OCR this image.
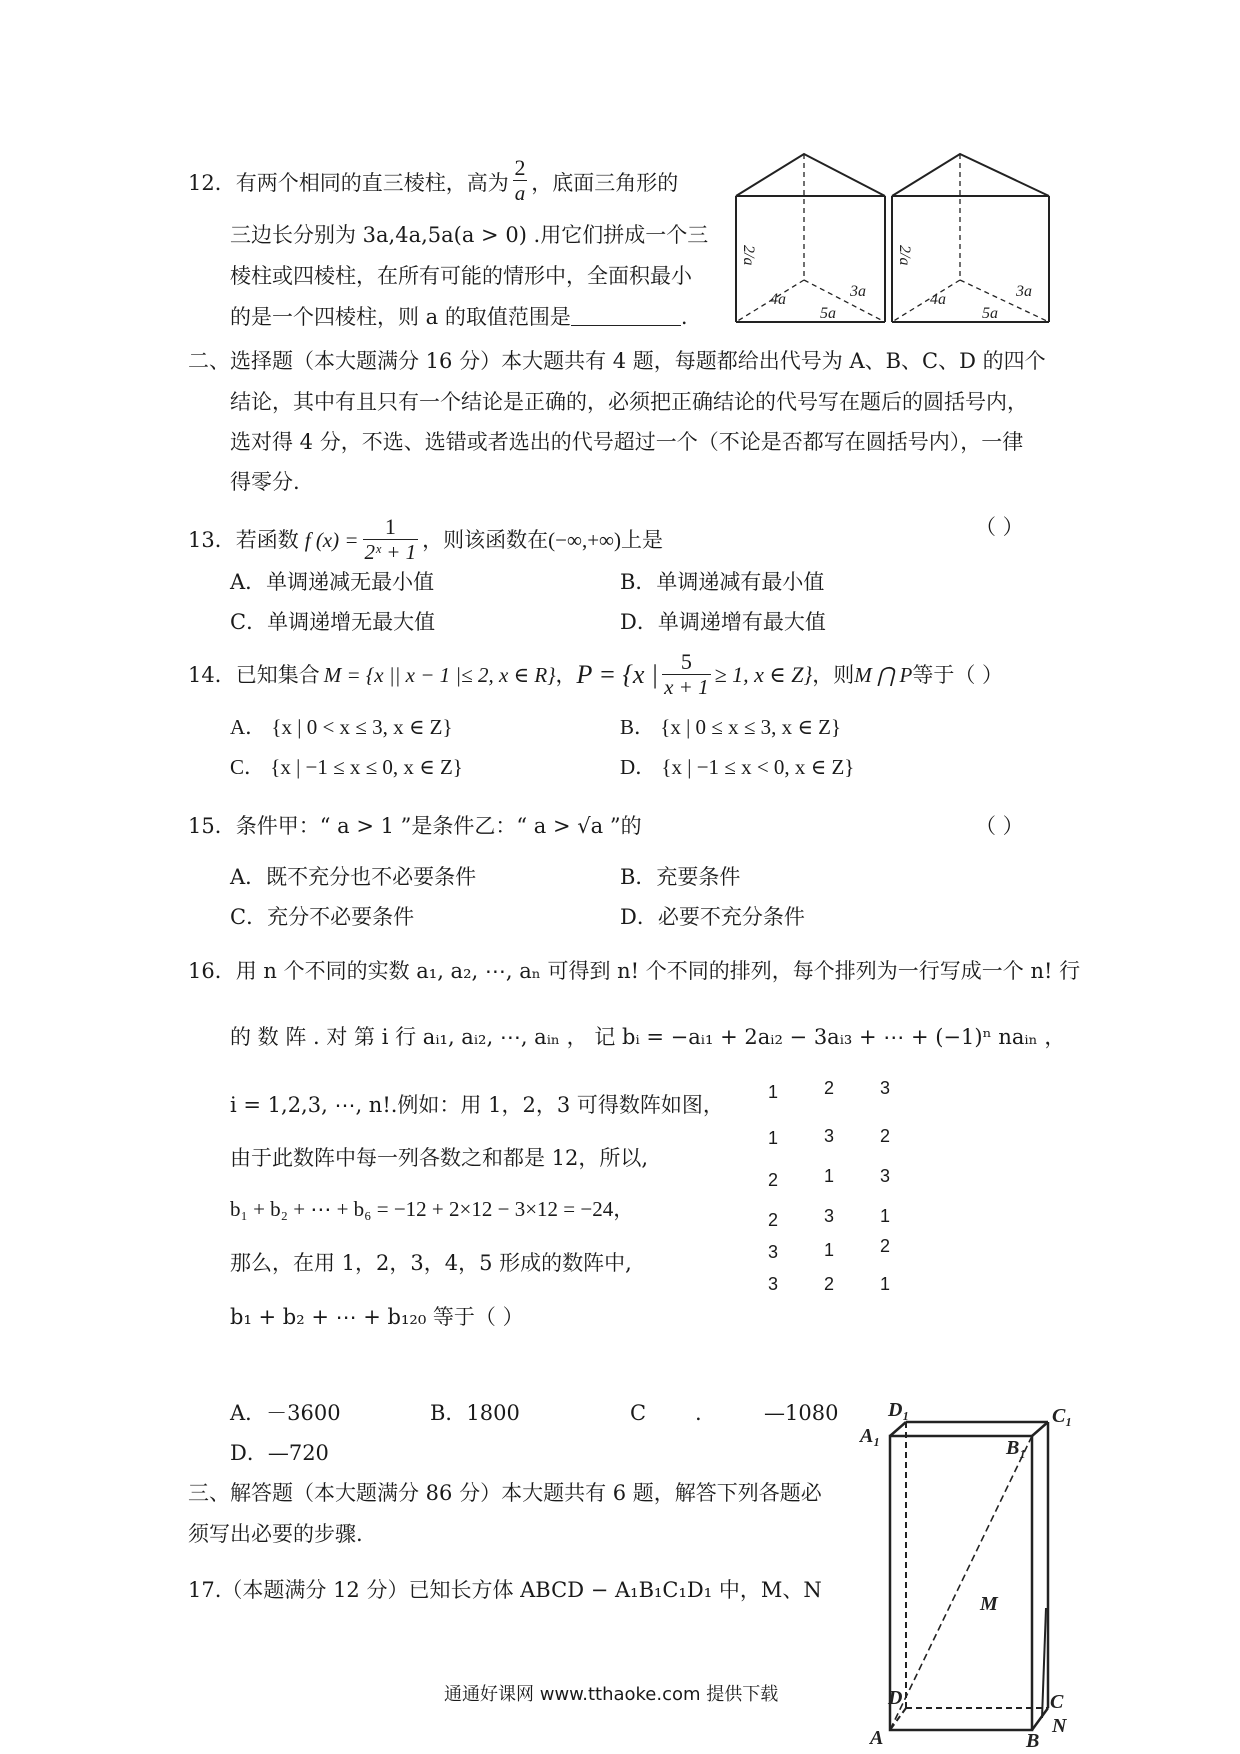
12．有两个相同的直三棱柱，高为 $\frac{2}{a}$ ，底面三角形的
三边长分别为 3a,4a,5a(a > 0) .用它们拼成一个三
棱柱或四棱柱，在所有可能的情形中，全面积最小
的是一个四棱柱，则 a 的取值范围是	.
2/a
4a
5a
3a
2/a
4a
5a
3a
二、选择题（本大题满分 16 分）本大题共有 4 题，每题都给出代号为 A、B、C、D 的四个
结论，其中有且只有一个结论是正确的，必须把正确结论的代号写在题后的圆括号内，
选对得 4 分，不选、选错或者选出的代号超过一个（不论是否都写在圆括号内），一律
得零分.
13． 若函数 f $(x) = \frac{1}{\text{2ˣ + 1}}$ ，则该函数在 (−∞,+∞) 上是
（ ）
A．单调递减无最小值	B．单调递减有最小值
C．单调递增无最大值	D．单调递增有最大值
14． 已知集合 M = {x || x − 1 |≤ 2, x ∈ R} ， P = {x | $\frac{5}{x + 1} \ge 1$, x ∈ Z} ，则 M ⋂ P 等于（ ）
A． {x | 0 < x ≤ 3, x ∈ Z}	B． {x | 0 ≤ x ≤ 3, x ∈ Z}
C． {x | −1 ≤ x ≤ 0, x ∈ Z}	D． {x | −1 ≤ x < 0, x ∈ Z}
15．条件甲：“ a > 1 ”是条件乙：“ a > √a ”的	（ ）
A．既不充分也不必要条件	B．充要条件
C．充分不必要条件	D．必要不充分条件
16．用 n 个不同的实数 a₁, a₂, ⋯, aₙ 可得到 n! 个不同的排列，每个排列为一行写成一个 n! 行
的 数 阵 . 对 第 i 行 aᵢ₁, aᵢ₂, ⋯, aᵢₙ ， 记 bᵢ = −aᵢ₁ + 2aᵢ₂ − 3aᵢ₃ + ⋯ + (−1)ⁿ naᵢₙ ，
i = 1,2,3, ⋯, n!.例如：用 1，2，3 可得数阵如图，
由于此数阵中每一列各数之和都是 12，所以,
b₁ + b₂ + ⋯ + b₆ = −12 + 2×12 − 3×12 = −24，
那么，在用 1，2，3，4，5 形成的数阵中,
b₁ + b₂ + ⋯ + b₁₂₀ 等于（ ）
1	2	3
1	3	2
2	1	3
2	3	1
3	1	2
3	2	1
A．－3600	B．1800	C .	—1080
D．—720
三、解答题（本大题满分 86 分）本大题共有 6 题，解答下列各题必
须写出必要的步骤.
17.（本题满分 12 分）已知长方体 ABCD − A₁B₁C₁D₁ 中，M、N
D₁	C₁
A₁
B₁
M
D	C
A	B
N
通通好课网 www.tthaoke.com 提供下载
